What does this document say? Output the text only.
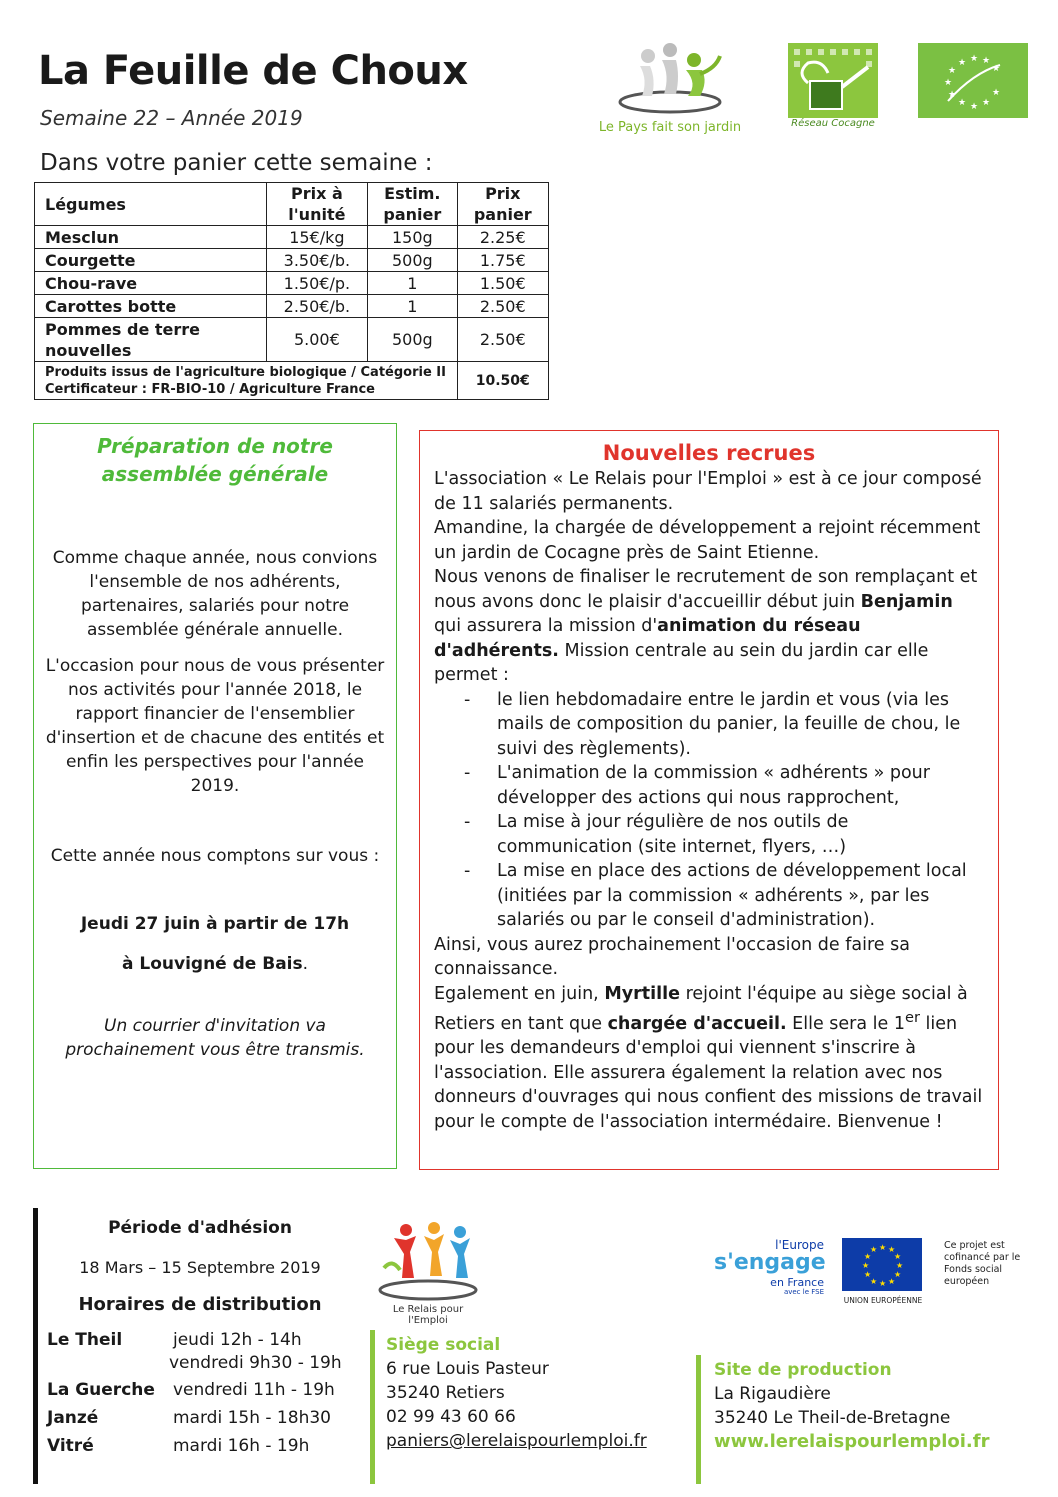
La Feuille de Choux
Semaine 22 – Année 2019
Dans votre panier cette semaine :
Le Pays fait son jardin	Réseau Cocagne
★ ★ ★
★
★
★
★
★ ★ ★
★
Légumes	Prix à l'unité	Estim. panier	Prix panier
Mesclun	15€/kg	150g	2.25€
Courgette	3.50€/b.	500g	1.75€
Chou-rave	1.50€/p.	1	1.50€
Carottes botte	2.50€/b.	1	2.50€
Pommes de terre nouvelles	5.00€	500g	2.50€

Produits issus de l'agriculture biologique / Catégorie II
Certificateur : FR-BIO-10 / Agriculture France			10.50€
Préparation de notre assemblée générale

Comme chaque année, nous convions l'ensemble de nos adhérents, partenaires, salariés pour notre assemblée générale annuelle.

L'occasion pour nous de vous présenter nos activités pour l'année 2018, le rapport financier de l'ensemblier d'insertion et de chacune des entités et enfin les perspectives pour l'année 2019.

Cette année nous comptons sur vous :

Jeudi 27 juin à partir de 17h

à Louvigné de Bais.

Un courrier d'invitation va prochainement vous être transmis.

Nouvelles recrues

L'association « Le Relais pour l'Emploi » est à ce jour composé de 11 salariés permanents.

Amandine, la chargée de développement a rejoint récemment un jardin de Cocagne près de Saint Etienne.

Nous venons de finaliser le recrutement de son remplaçant et nous avons donc le plaisir d'accueillir début juin Benjamin qui assurera la mission d'animation du réseau d'adhérents. Mission centrale au sein du jardin car elle permet :

- le lien hebdomadaire entre le jardin et vous (via les mails de composition du panier, la feuille de chou, le suivi des règlements).
- L'animation de la commission « adhérents » pour développer des actions qui nous rapprochent,
- La mise à jour régulière de nos outils de communication (site internet, flyers, …)
- La mise en place des actions de développement local (initiées par la commission « adhérents », par les salariés ou par le conseil d'administration).

Ainsi, vous aurez prochainement l'occasion de faire sa connaissance.

Egalement en juin, Myrtille rejoint l'équipe au siège social à Retiers en tant que chargée d'accueil. Elle sera le 1er lien pour les demandeurs d'emploi qui viennent s'inscrire à l'association. Elle assurera également la relation avec nos donneurs d'ouvrages qui nous confient des missions de travail pour le compte de l'association intermédaire. Bienvenue !

Période d'adhésion
18 Mars – 15 Septembre 2019
Horaires de distribution
Le Theil	jeudi 12h - 14h
vendredi 9h30 - 19h
La Guerche	vendredi 11h - 19h
Janzé	mardi 15h - 18h30
Vitré	mardi 16h - 19h
Le Relais pour l'Emploi
l'Europe
s'engage
en France
avec le FSE
★ ★
★
★
★
★
★
★
★
★
★
★
UNION EUROPÉENNE
Ce projet est cofinancé par le Fonds social européen
Siège social
6 rue Louis Pasteur
35240 Retiers
02 99 43 60 66
paniers@lerelaispourlemploi.fr
Site de production
La Rigaudière
35240 Le Theil-de-Bretagne
www.lerelaispourlemploi.fr
